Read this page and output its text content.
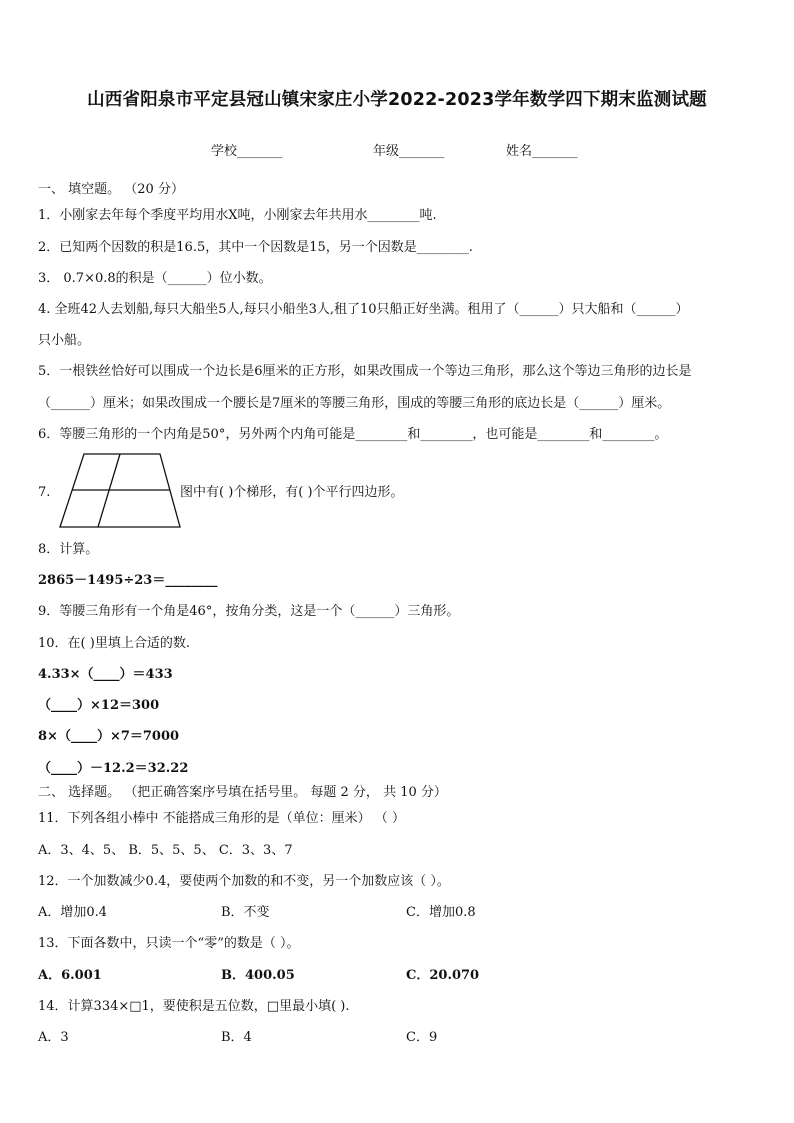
山西省阳泉市平定县冠山镇宋家庄小学2022-2023学年数学四下期末监测试题
学校_______	年级_______	姓名_______
一、 填空题。 （20 分）
1．小刚家去年每个季度平均用水X吨，小刚家去年共用水________吨.
2．已知两个因数的积是16.5，其中一个因数是15，另一个因数是________.
3． 0.7×0.8的积是（______）位小数。
4. 全班42人去划船,每只大船坐5人,每只小船坐3人,租了10只船正好坐满。租用了（______）只大船和（______）
只小船。
5．一根铁丝恰好可以围成一个边长是6厘米的正方形，如果改围成一个等边三角形，那么这个等边三角形的边长是
（______）厘米；如果改围成一个腰长是7厘米的等腰三角形，围成的等腰三角形的底边长是（______）厘米。
6．等腰三角形的一个内角是50°，另外两个内角可能是________和________，也可能是________和________。
7.	图中有( )个梯形，有( )个平行四边形。
8．计算。
2865－1495÷23＝________
9．等腰三角形有一个角是46°，按角分类，这是一个（______）三角形。
10．在( )里填上合适的数.
4.33×（____）＝433
（____）×12＝300
8×（____）×7＝7000
（____）－12.2＝32.22
二、 选择题。 （把正确答案序号填在括号里。 每题 2 分， 共 10 分）
11．下列各组小棒中 不能搭成三角形的是（单位：厘米） （ ）
A．3、4、5、 B．5、5、5、 C．3、3、7
12．一个加数减少0.4，要使两个加数的和不变，另一个加数应该（ ）。
A．增加0.4	B．不变	C．增加0.8
13．下面各数中，只读一个“零”的数是（ ）。
A．6.001	B．400.05	C．20.070
14．计算334×□1，要使积是五位数，□里最小填( ).
A．3	B．4	C．9
